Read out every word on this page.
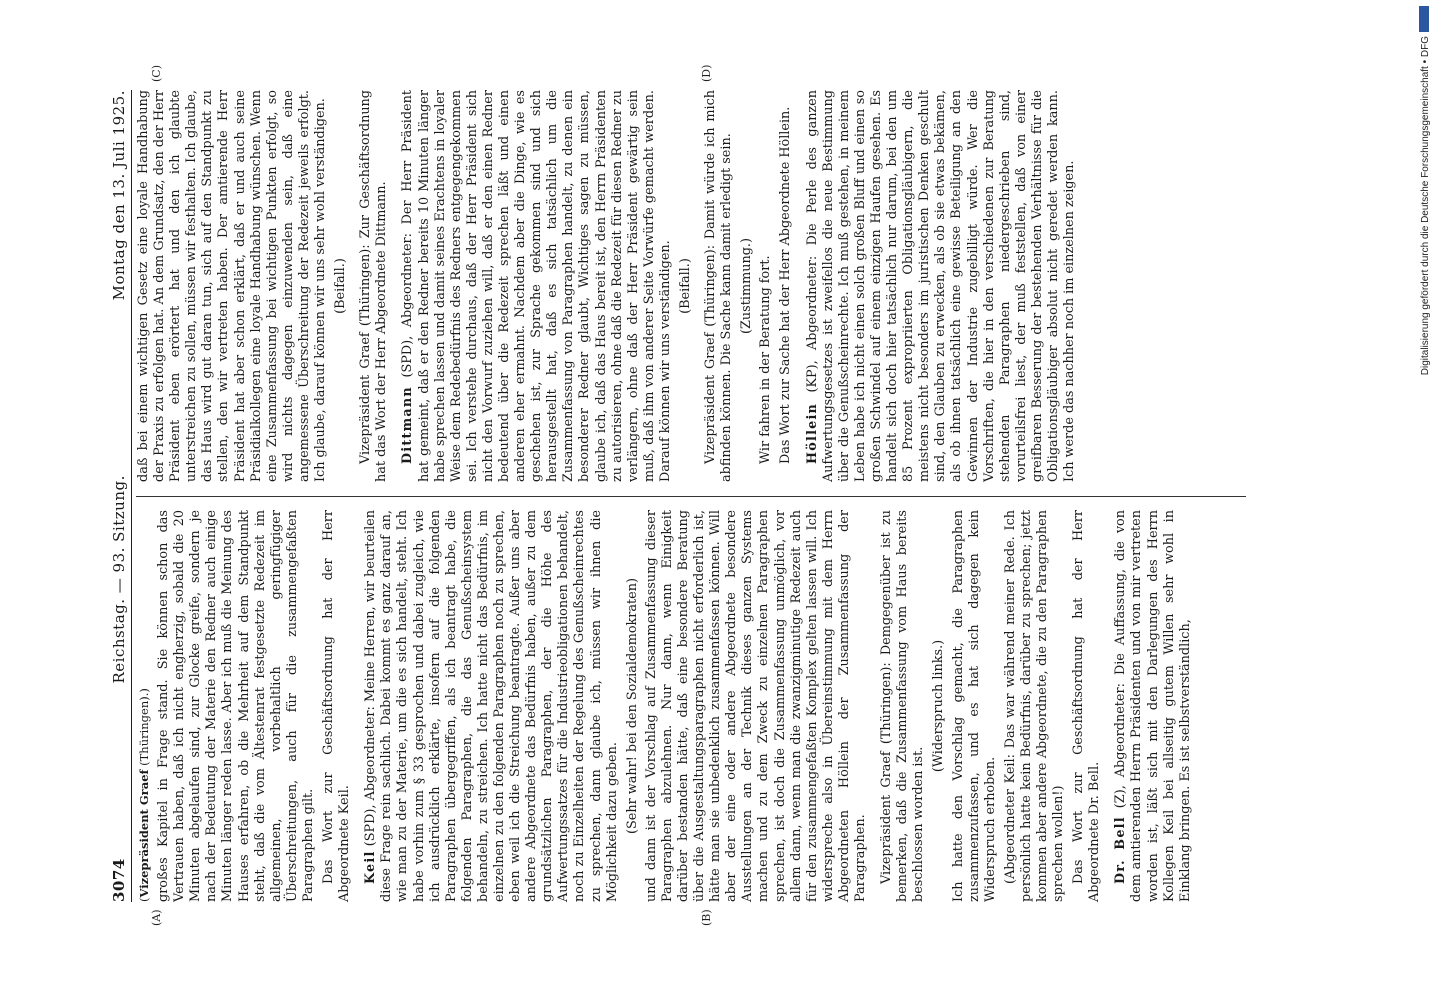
3074
Reichstag. — 93. Sitzung.
Montag den 13. Juli 1925.
(A)	(B)
(C)	(D)

(Vizepräsident Graef (Thüringen).) großes Kapitel in Frage stand. Sie können schon das Vertrauen haben, daß ich nicht engherzig, sobald die 20 Minuten abgelaufen sind, zur Glocke greife, sondern je nach der Bedeutung der Materie den Redner auch einige Minuten länger reden lasse. Aber ich muß die Meinung des Hauses erfahren, ob die Mehrheit auf dem Standpunkt steht, daß die vom Ältestenrat festgesetzte Redezeit im allgemeinen, vorbehaltlich geringfügiger Überschreitungen, auch für die zusammengefaßten Paragraphen gilt. Das Wort zur Geschäftsordnung hat der Herr Abgeordnete Keil. Keil (SPD), Abgeordneter: Meine Herren, wir beurteilen diese Frage rein sachlich. Dabei kommt es ganz darauf an, wie man zu der Materie, um die es sich handelt, steht. Ich habe vorhin zum § 33 gesprochen und dabei zugleich, wie ich ausdrücklich erklärte, insofern auf die folgenden Paragraphen übergegriffen, als ich beantragt habe, die folgenden Paragraphen, die das Genußscheinsystem behandeln, zu streichen. Ich hatte nicht das Bedürfnis, im einzelnen zu den folgenden Paragraphen noch zu sprechen, eben weil ich die Streichung beantragte. Außer uns aber andere Abgeordnete das Bedürfnis haben, außer zu dem grundsätzlichen Paragraphen, der die Höhe des Aufwertungssatzes für die Industrieobligationen behandelt, noch zu Einzelheiten der Regelung des Genußscheinrechtes zu sprechen, dann glaube ich, müssen wir ihnen die Möglichkeit dazu geben. (Sehr wahr! bei den Sozialdemokraten) und dann ist der Vorschlag auf Zusammenfassung dieser Paragraphen abzulehnen. Nur dann, wenn Einigkeit darüber bestanden hätte, daß eine besondere Beratung über die Ausgestaltungsparagraphen nicht erforderlich ist, hätte man sie unbedenklich zusammenfassen können. Will aber der eine oder andere Abgeordnete besondere Ausstellungen an der Technik dieses ganzen Systems machen und zu dem Zweck zu einzelnen Paragraphen sprechen, ist doch die Zusammenfassung unmöglich, vor allem dann, wenn man die zwanzigminutige Redezeit auch für den zusammengefaßten Komplex gelten lassen will. Ich widerspreche also in Übereinstimmung mit dem Herrn Abgeordneten Höllein der Zusammenfassung der Paragraphen. Vizepräsident Graef (Thüringen): Demgegenüber ist zu bemerken, daß die Zusammenfassung vom Haus bereits beschlossen worden ist.

(Widerspruch links.) Ich hatte den Vorschlag gemacht, die Paragraphen zusammenzufassen, und es hat sich dagegen kein Widerspruch erhoben. (Abgeordneter Keil: Das war während meiner Rede. Ich persönlich hatte kein Bedürfnis, darüber zu sprechen; jetzt kommen aber andere Abgeordnete, die zu den Paragraphen sprechen wollen!) Das Wort zur Geschäftsordnung hat der Herr Abgeordnete Dr. Bell. Dr. Bell (Z), Abgeordneter: Die Auffassung, die von dem amtierenden Herrn Präsidenten und von mir vertreten worden ist, läßt sich mit den Darlegungen des Herrn Kollegen Keil bei allseitig gutem Willen sehr wohl in Einklang bringen. Es ist selbstverständlich,

daß bei einem wichtigen Gesetz eine loyale Handhabung der Praxis zu erfolgen hat. An dem Grundsatz, den der Herr Präsident eben erörtert hat und den ich glaubte unterstreichen zu sollen, müssen wir festhalten. Ich glaube, das Haus wird gut daran tun, sich auf den Standpunkt zu stellen, den wir vertreten haben. Der amtierende Herr Präsident hat aber schon erklärt, daß er und auch seine Präsidialkollegen eine loyale Handhabung wünschen. Wenn eine Zusammenfassung bei wichtigen Punkten erfolgt, so wird nichts dagegen einzuwenden sein, daß eine angemessene Überschreitung der Redezeit jeweils erfolgt. Ich glaube, darauf können wir uns sehr wohl verständigen. (Beifall.)

Vizepräsident Graef (Thüringen): Zur Geschäftsordnung hat das Wort der Herr Abgeordnete Dittmann. Dittmann (SPD), Abgeordneter: Der Herr Präsident hat gemeint, daß er den Redner bereits 10 Minuten länger habe sprechen lassen und damit seines Erachtens in loyaler Weise dem Redebedürfnis des Redners entgegengekommen sei. Ich verstehe durchaus, daß der Herr Präsident sich nicht den Vorwurf zuziehen will, daß er den einen Redner bedeutend über die Redezeit sprechen läßt und einen anderen eher ermahnt. Nachdem aber die Dinge, wie es geschehen ist, zur Sprache gekommen sind und sich herausgestellt hat, daß es sich tatsächlich um die Zusammenfassung von Paragraphen handelt, zu denen ein besonderer Redner glaubt, Wichtiges sagen zu müssen, glaube ich, daß das Haus bereit ist, den Herrn Präsidenten zu autorisieren, ohne daß die Redezeit für diesen Redner zu verlängern, ohne daß der Herr Präsident gewärtig sein muß, daß ihm von anderer Seite Vorwürfe gemacht werden. Darauf können wir uns verständigen. (Beifall.)

Vizepräsident Graef (Thüringen): Damit würde ich mich abfinden können. Die Sache kann damit erledigt sein. (Zustimmung.) Wir fahren in der Beratung fort. Das Wort zur Sache hat der Herr Abgeordnete Höllein. Höllein (KP), Abgeordneter: Die Perle des ganzen Aufwertungsgesetzes ist zweifellos die neue Bestimmung über die Genußscheinrechte. Ich muß gestehen, in meinem Leben habe ich nicht einen solch großen Bluff und einen so großen Schwindel auf einem einzigen Haufen gesehen. Es handelt sich doch hier tatsächlich nur darum, bei den um 85 Prozent expropriierten Obligationsgläubigern, die meistens nicht besonders im juristischen Denken geschult sind, den Glauben zu erwecken, als ob sie etwas bekämen, als ob ihnen tatsächlich eine gewisse Beteiligung an den Gewinnen der Industrie zugebilligt würde. Wer die Vorschriften, die hier in den verschiedenen zur Beratung stehenden Paragraphen niedergeschrieben sind, vorurteilsfrei liest, der muß feststellen, daß von einer greifbaren Besserung der bestehenden Verhältnisse für die Obligationsgläubiger absolut nicht geredet werden kann. Ich werde das nachher noch im einzelnen zeigen.	Digitalisierung gefördert durch die Deutsche Forschungsgemeinschaft • DFG
